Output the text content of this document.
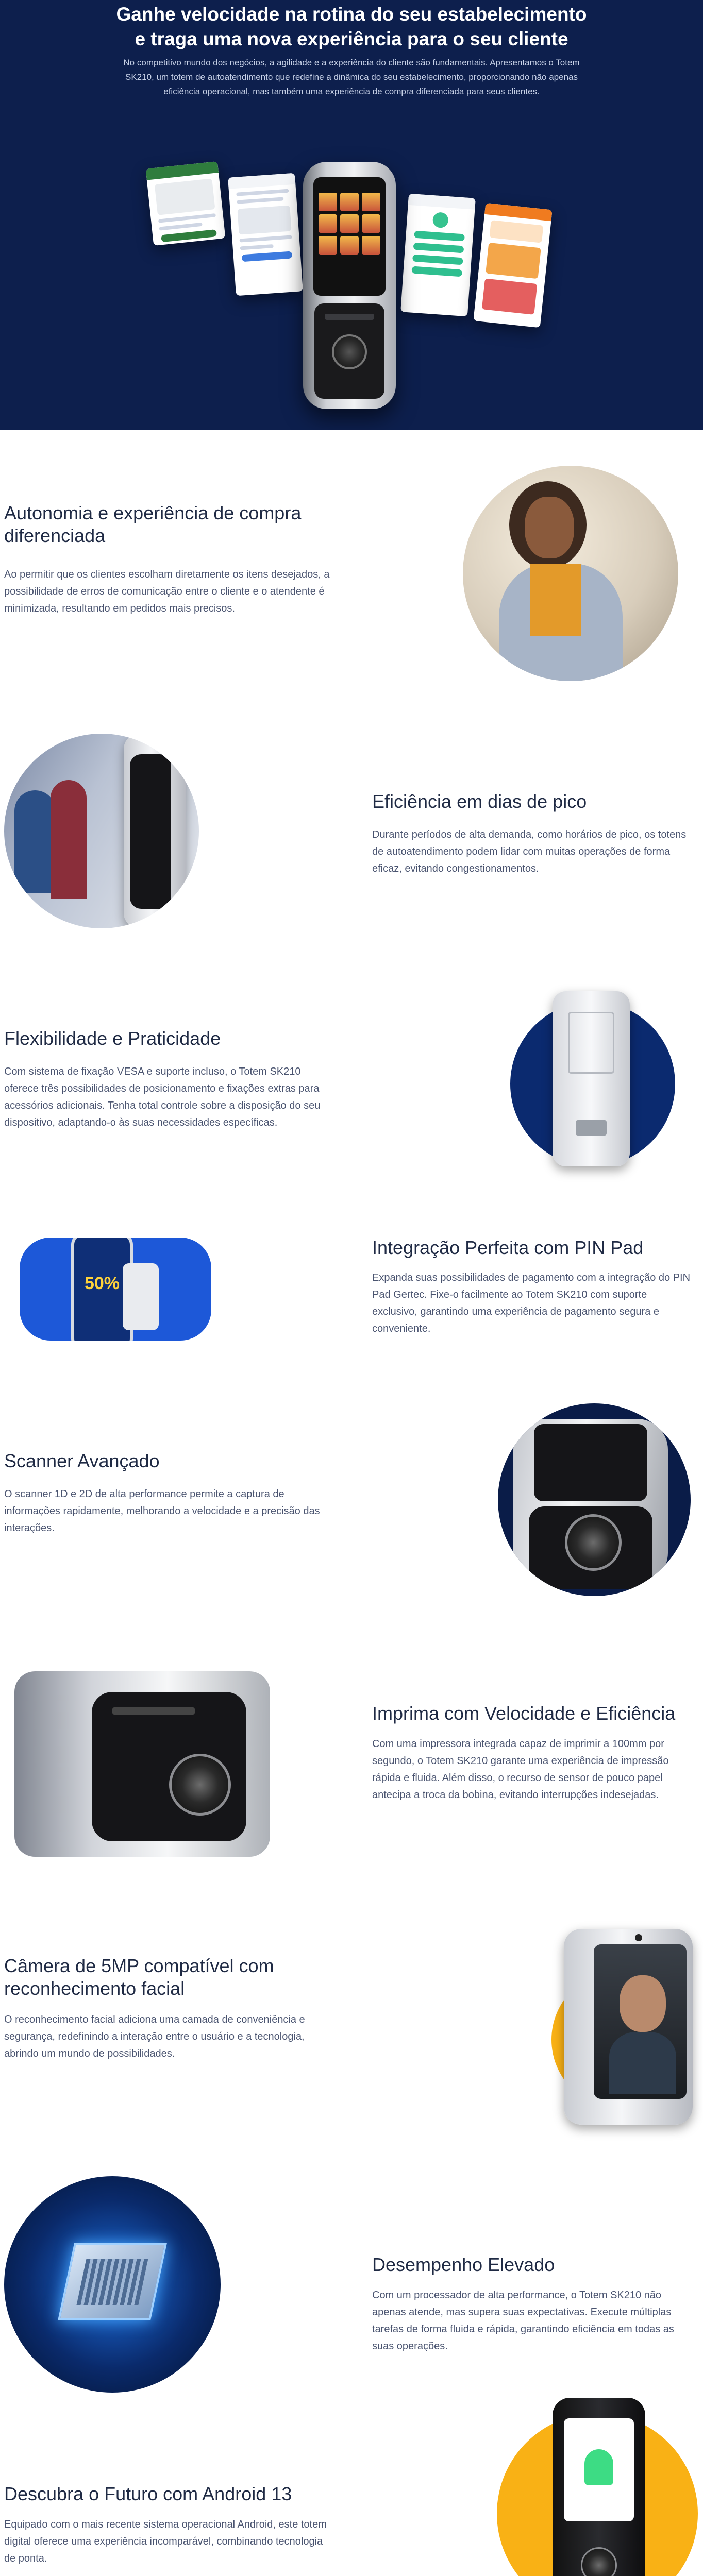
Ganhe velocidade na rotina do seu estabelecimento
e traga uma nova experiência para o seu cliente

No competitivo mundo dos negócios, a agilidade e a experiência do cliente são fundamentais. Apresentamos o Totem SK210, um totem de autoatendimento que redefine a dinâmica do seu estabelecimento, proporcionando não apenas eficiência operacional, mas também uma experiência de compra diferenciada para seus clientes.

Autonomia e experiência de compra diferenciada

Ao permitir que os clientes escolham diretamente os itens desejados, a possibilidade de erros de comunicação entre o cliente e o atendente é minimizada, resultando em pedidos mais precisos.

Eficiência em dias de pico

Durante períodos de alta demanda, como horários de pico, os totens de autoatendimento podem lidar com muitas operações de forma eficaz, evitando congestionamentos.

Flexibilidade e Praticidade

Com sistema de fixação VESA e suporte incluso, o Totem SK210 oferece três possibilidades de posicionamento e fixações extras para acessórios adicionais. Tenha total controle sobre a disposição do seu dispositivo, adaptando-o às suas necessidades específicas.

50%
Integração Perfeita com PIN Pad

Expanda suas possibilidades de pagamento com a integração do PIN Pad Gertec. Fixe-o facilmente ao Totem SK210 com suporte exclusivo, garantindo uma experiência de pagamento segura e conveniente.

Scanner Avançado

O scanner 1D e 2D de alta performance permite a captura de informações rapidamente, melhorando a velocidade e a precisão das interações.

Imprima com Velocidade e Eficiência

Com uma impressora integrada capaz de imprimir a 100mm por segundo, o Totem SK210 garante uma experiência de impressão rápida e fluida. Além disso, o recurso de sensor de pouco papel antecipa a troca da bobina, evitando interrupções indesejadas.

Câmera de 5MP compatível com reconhecimento facial

O reconhecimento facial adiciona uma camada de conveniência e segurança, redefinindo a interação entre o usuário e a tecnologia, abrindo um mundo de possibilidades.

Desempenho Elevado

Com um processador de alta performance, o Totem SK210 não apenas atende, mas supera suas expectativas. Execute múltiplas tarefas de forma fluida e rápida, garantindo eficiência em todas as suas operações.

Descubra o Futuro com Android 13

Equipado com o mais recente sistema operacional Android, este totem digital oferece uma experiência incomparável, combinando tecnologia de ponta.
